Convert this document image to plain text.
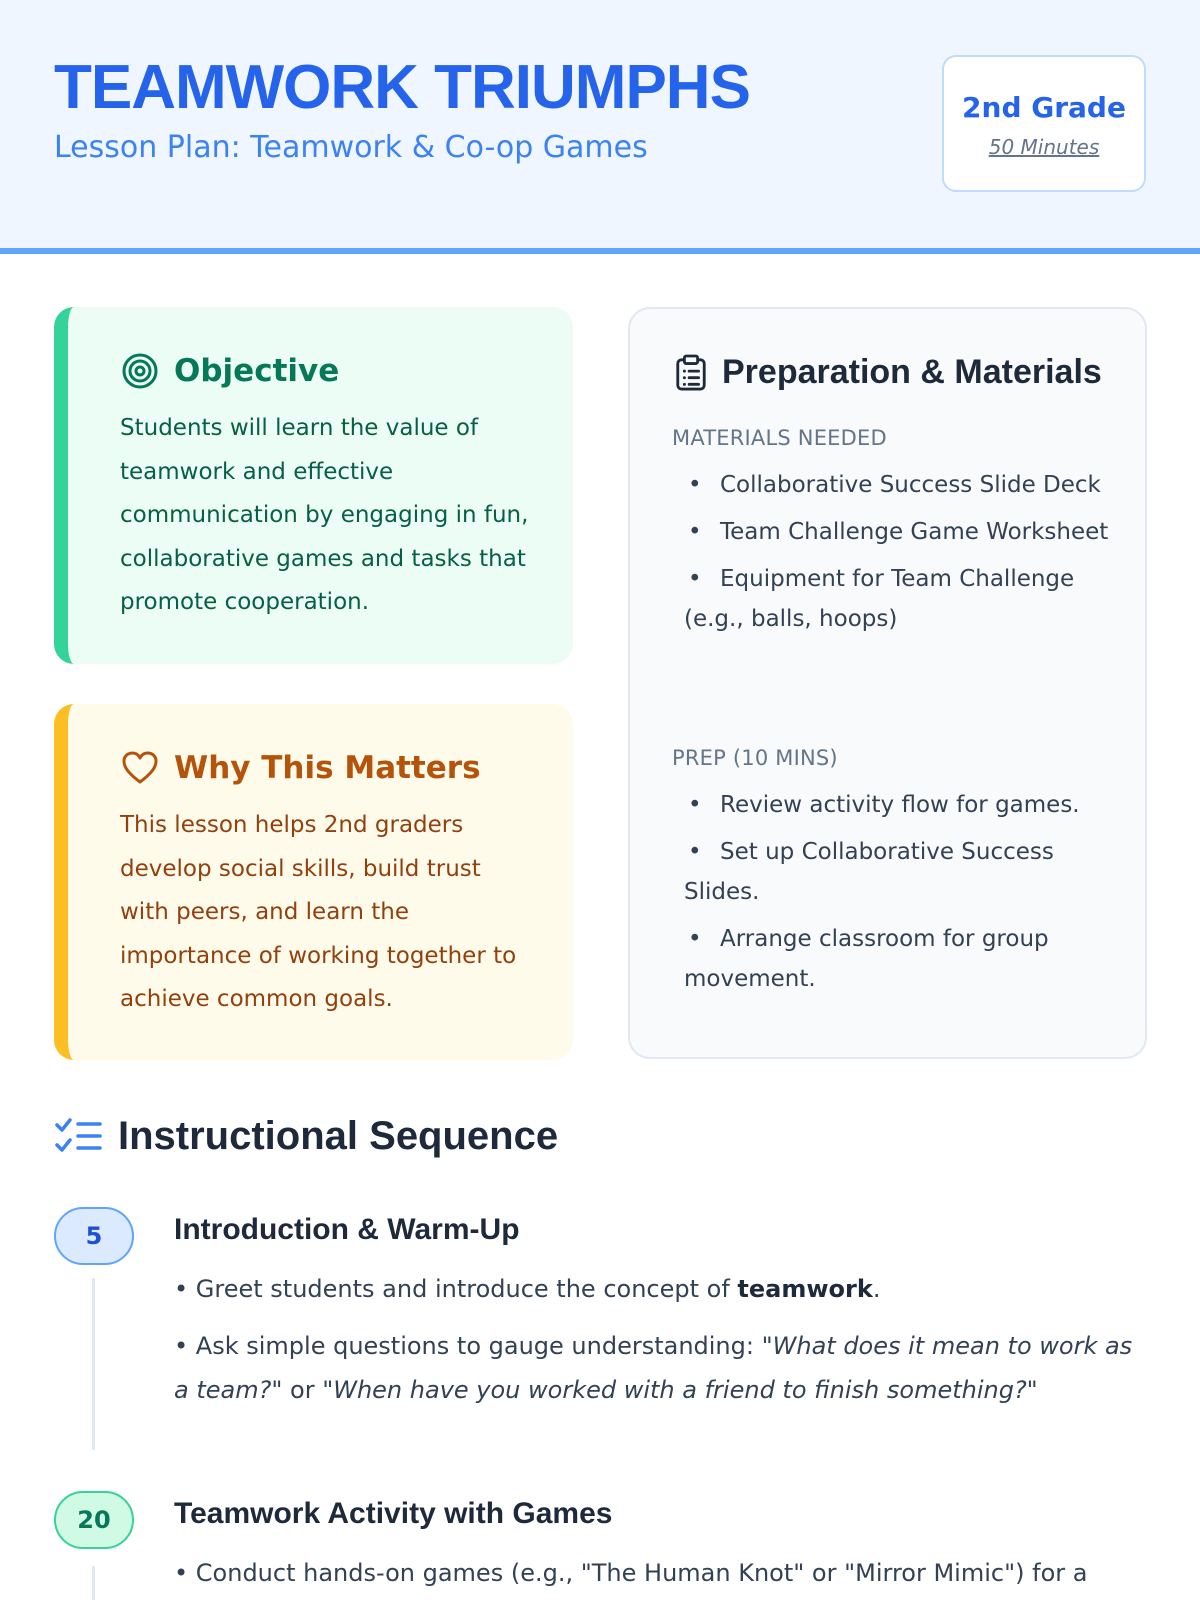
TEAMWORK TRIUMPHS
Lesson Plan: Teamwork & Co-op Games
2nd Grade
50 Minutes
Objective
Students will learn the value of teamwork and effective communication by engaging in fun, collaborative games and tasks that promote cooperation.
Why This Matters
This lesson helps 2nd graders develop social skills, build trust with peers, and learn the importance of working together to achieve common goals.
Preparation & Materials
MATERIALS NEEDED
• Collaborative Success Slide Deck
• Team Challenge Game Worksheet
• Equipment for Team Challenge (e.g., balls, hoops)
PREP (10 MINS)
• Review activity flow for games.
• Set up Collaborative Success Slides.
• Arrange classroom for group movement.
Instructional Sequence
5	Introduction & Warm-Up
• Greet students and introduce the concept of teamwork.
• Ask simple questions to gauge understanding: "What does it mean to work as a team?" or "When have you worked with a friend to finish something?"
20	Teamwork Activity with Games
• Conduct hands-on games (e.g., "The Human Knot" or "Mirror Mimic") for a
